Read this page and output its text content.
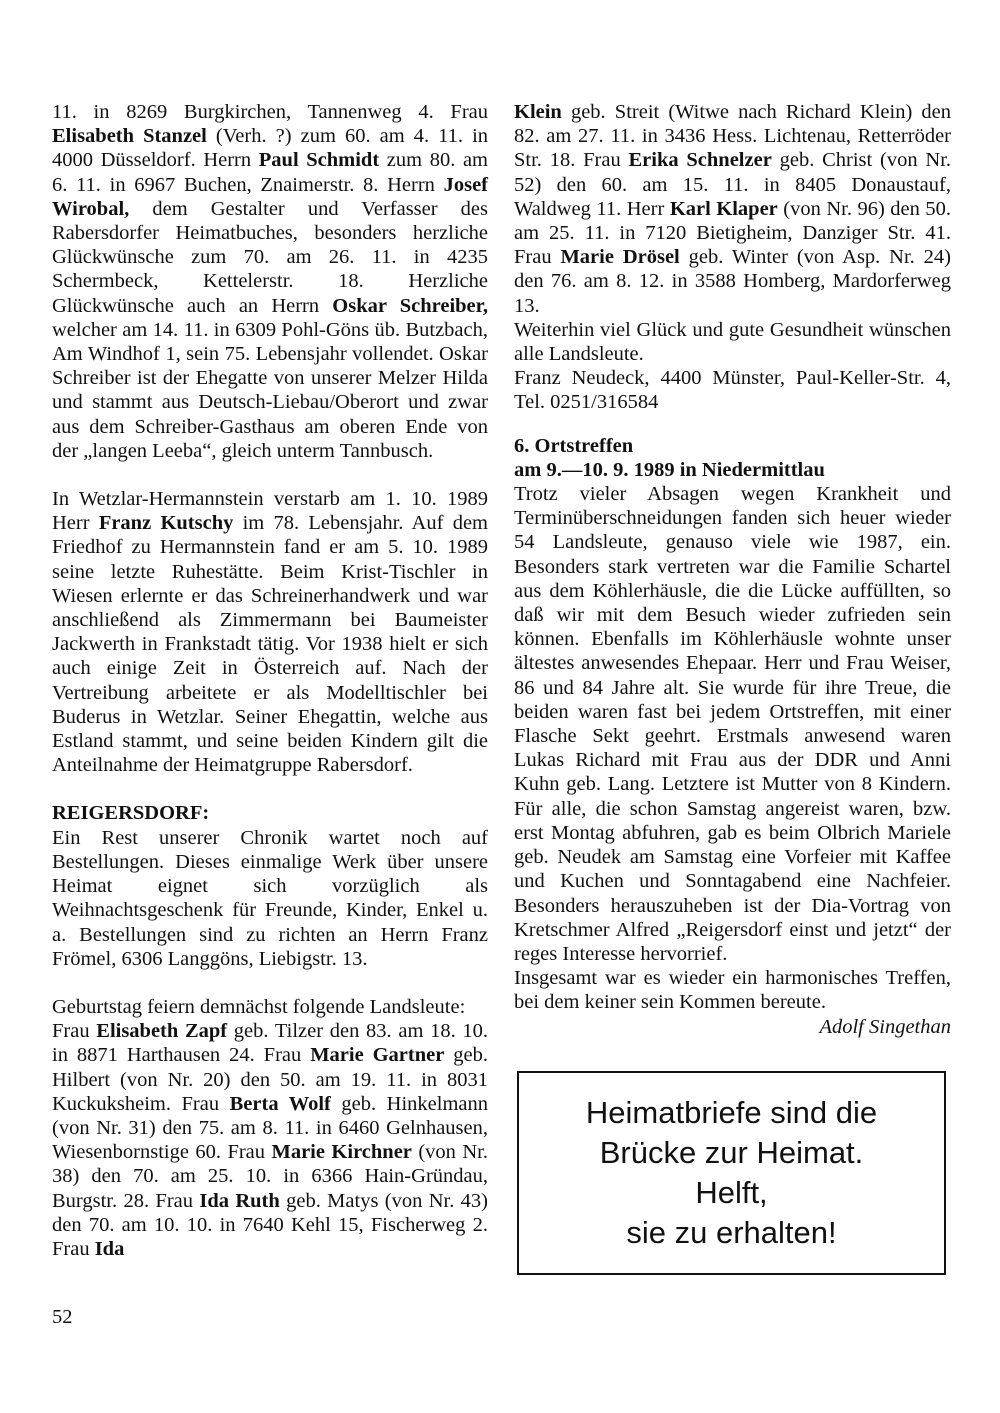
11. in 8269 Burgkirchen, Tannenweg 4. Frau Elisabeth Stanzel (Verh. ?) zum 60. am 4. 11. in 4000 Düsseldorf. Herrn Paul Schmidt zum 80. am 6. 11. in 6967 Buchen, Znaimerstr. 8. Herrn Josef Wirobal, dem Gestalter und Verfasser des Rabersdorfer Heimatbuches, besonders herzliche Glückwünsche zum 70. am 26. 11. in 4235 Schermbeck, Kettelerstr. 18. Herzliche Glückwünsche auch an Herrn Oskar Schreiber, welcher am 14. 11. in 6309 Pohl-Göns üb. Butzbach, Am Windhof 1, sein 75. Lebensjahr vollendet. Oskar Schreiber ist der Ehegatte von unserer Melzer Hilda und stammt aus Deutsch-Liebau/Oberort und zwar aus dem Schreiber-Gasthaus am oberen Ende von der „langen Leeba“, gleich unterm Tannbusch.

In Wetzlar-Hermannstein verstarb am 1. 10. 1989 Herr Franz Kutschy im 78. Lebensjahr. Auf dem Friedhof zu Hermannstein fand er am 5. 10. 1989 seine letzte Ruhestätte. Beim Krist-Tischler in Wiesen erlernte er das Schreinerhandwerk und war anschließend als Zimmermann bei Baumeister Jackwerth in Frankstadt tätig. Vor 1938 hielt er sich auch einige Zeit in Österreich auf. Nach der Vertreibung arbeitete er als Modelltischler bei Buderus in Wetzlar. Seiner Ehegattin, welche aus Estland stammt, und seine beiden Kindern gilt die Anteilnahme der Heimatgruppe Rabersdorf.

REIGERSDORF:

Ein Rest unserer Chronik wartet noch auf Bestellungen. Dieses einmalige Werk über unsere Heimat eignet sich vorzüglich als Weihnachtsgeschenk für Freunde, Kinder, Enkel u. a. Bestellungen sind zu richten an Herrn Franz Frömel, 6306 Langgöns, Liebigstr. 13.

Geburtstag feiern demnächst folgende Landsleute:

Frau Elisabeth Zapf geb. Tilzer den 83. am 18. 10. in 8871 Harthausen 24. Frau Marie Gartner geb. Hilbert (von Nr. 20) den 50. am 19. 11. in 8031 Kuckuksheim. Frau Berta Wolf geb. Hinkelmann (von Nr. 31) den 75. am 8. 11. in 6460 Gelnhausen, Wiesenbornstige 60. Frau Marie Kirchner (von Nr. 38) den 70. am 25. 10. in 6366 Hain-Gründau, Burgstr. 28. Frau Ida Ruth geb. Matys (von Nr. 43) den 70. am 10. 10. in 7640 Kehl 15, Fischerweg 2. Frau Ida

Klein geb. Streit (Witwe nach Richard Klein) den 82. am 27. 11. in 3436 Hess. Lichtenau, Retterröder Str. 18. Frau Erika Schnelzer geb. Christ (von Nr. 52) den 60. am 15. 11. in 8405 Donaustauf, Waldweg 11. Herr Karl Klaper (von Nr. 96) den 50. am 25. 11. in 7120 Bietigheim, Danziger Str. 41. Frau Marie Drösel geb. Winter (von Asp. Nr. 24) den 76. am 8. 12. in 3588 Homberg, Mardorferweg 13.

Weiterhin viel Glück und gute Gesundheit wünschen alle Landsleute.

Franz Neudeck, 4400 Münster, Paul-Keller-Str. 4, Tel. 0251/316584

6. Ortstreffen

am 9.—10. 9. 1989 in Niedermittlau

Trotz vieler Absagen wegen Krankheit und Terminüberschneidungen fanden sich heuer wieder 54 Landsleute, genauso viele wie 1987, ein. Besonders stark vertreten war die Familie Schartel aus dem Köhlerhäusle, die die Lücke auffüllten, so daß wir mit dem Besuch wieder zufrieden sein können. Ebenfalls im Köhlerhäusle wohnte unser ältestes anwesendes Ehepaar. Herr und Frau Weiser, 86 und 84 Jahre alt. Sie wurde für ihre Treue, die beiden waren fast bei jedem Ortstreffen, mit einer Flasche Sekt geehrt. Erstmals anwesend waren Lukas Richard mit Frau aus der DDR und Anni Kuhn geb. Lang. Letztere ist Mutter von 8 Kindern. Für alle, die schon Samstag angereist waren, bzw. erst Montag abfuhren, gab es beim Olbrich Mariele geb. Neudek am Samstag eine Vorfeier mit Kaffee und Kuchen und Sonntagabend eine Nachfeier. Besonders herauszuheben ist der Dia-Vortrag von Kretschmer Alfred „Reigersdorf einst und jetzt“ der reges Interesse hervorrief.

Insgesamt war es wieder ein harmonisches Treffen, bei dem keiner sein Kommen bereute.

Adolf Singethan

Heimatbriefe sind die
Brücke zur Heimat.
Helft,
sie zu erhalten!
52
